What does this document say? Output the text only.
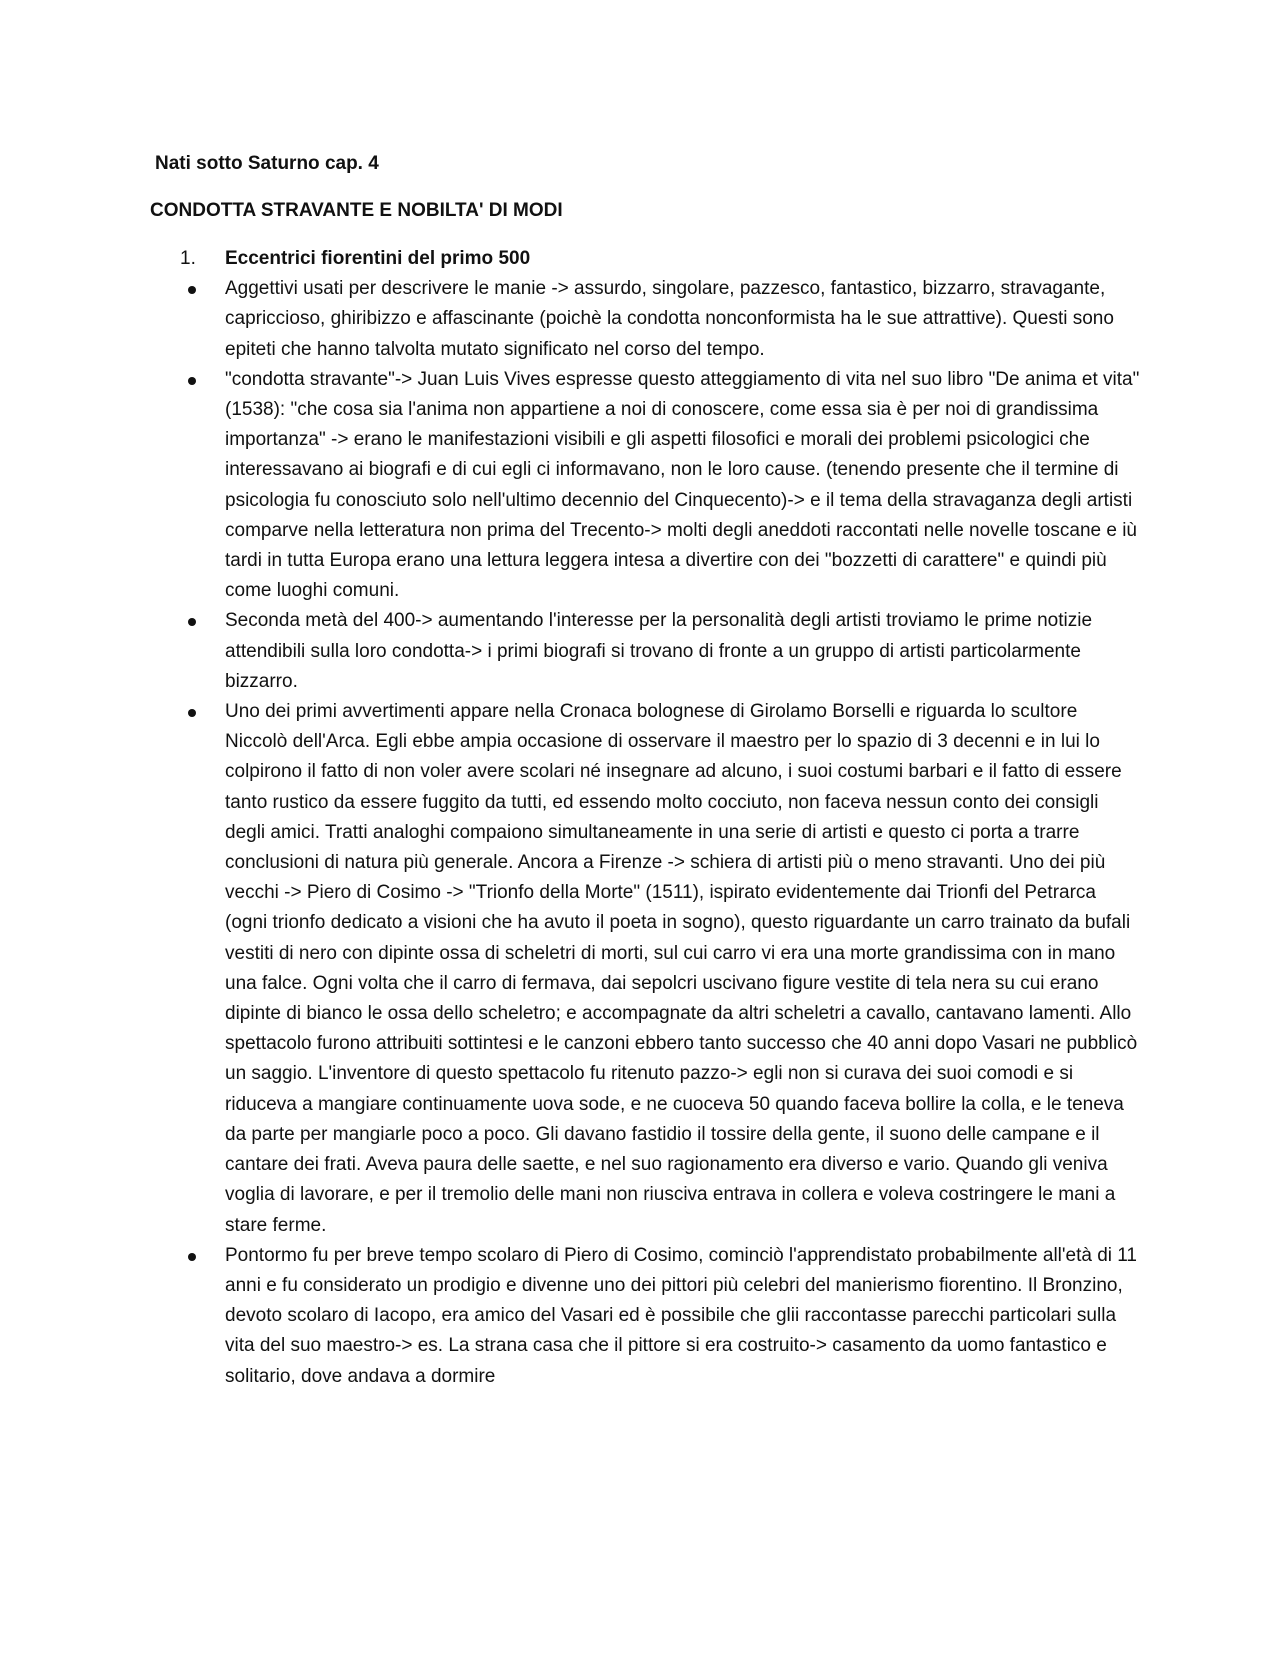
Nati sotto Saturno cap. 4

CONDOTTA STRAVANTE E NOBILTA' DI MODI

1.	Eccentrici fiorentini del primo 500
Aggettivi usati per descrivere le manie -> assurdo, singolare, pazzesco, fantastico, bizzarro, stravagante, capriccioso, ghiribizzo e affascinante (poichè la condotta nonconformista ha le sue attrattive). Questi sono epiteti che hanno talvolta mutato significato nel corso del tempo.
"condotta stravante"-> Juan Luis Vives espresse questo atteggiamento di vita nel suo libro "De anima et vita" (1538): "che cosa sia l'anima non appartiene a noi di conoscere, come essa sia è per noi di grandissima importanza" -> erano le manifestazioni visibili e gli aspetti filosofici e morali dei problemi psicologici che interessavano ai biografi e di cui egli ci informavano, non le loro cause. (tenendo presente che il termine di psicologia fu conosciuto solo nell'ultimo decennio del Cinquecento)-> e il tema della stravaganza degli artisti comparve nella letteratura non prima del Trecento-> molti degli aneddoti raccontati nelle novelle toscane e iù tardi in tutta Europa erano una lettura leggera intesa a divertire con dei "bozzetti di carattere" e quindi più come luoghi comuni.
Seconda metà del 400-> aumentando l'interesse per la personalità degli artisti troviamo le prime notizie attendibili sulla loro condotta-> i primi biografi si trovano di fronte a un gruppo di artisti particolarmente bizzarro.
Uno dei primi avvertimenti appare nella Cronaca bolognese di Girolamo Borselli e riguarda lo scultore Niccolò dell'Arca. Egli ebbe ampia occasione di osservare il maestro per lo spazio di 3 decenni e in lui lo colpirono il fatto di non voler avere scolari né insegnare ad alcuno, i suoi costumi barbari e il fatto di essere tanto rustico da essere fuggito da tutti, ed essendo molto cocciuto, non faceva nessun conto dei consigli degli amici. Tratti analoghi compaiono simultaneamente in una serie di artisti e questo ci porta a trarre conclusioni di natura più generale. Ancora a Firenze -> schiera di artisti più o meno stravanti. Uno dei più vecchi -> Piero di Cosimo -> "Trionfo della Morte" (1511), ispirato evidentemente dai Trionfi del Petrarca (ogni trionfo dedicato a visioni che ha avuto il poeta in sogno), questo riguardante un carro trainato da bufali vestiti di nero con dipinte ossa di scheletri di morti, sul cui carro vi era una morte grandissima con in mano una falce. Ogni volta che il carro di fermava, dai sepolcri uscivano figure vestite di tela nera su cui erano dipinte di bianco le ossa dello scheletro; e accompagnate da altri scheletri a cavallo, cantavano lamenti. Allo spettacolo furono attribuiti sottintesi e le canzoni ebbero tanto successo che 40 anni dopo Vasari ne pubblicò un saggio. L'inventore di questo spettacolo fu ritenuto pazzo-> egli non si curava dei suoi comodi e si riduceva a mangiare continuamente uova sode, e ne cuoceva 50 quando faceva bollire la colla, e le teneva da parte per mangiarle poco a poco. Gli davano fastidio il tossire della gente, il suono delle campane e il cantare dei frati. Aveva paura delle saette, e nel suo ragionamento era diverso e vario. Quando gli veniva voglia di lavorare, e per il tremolio delle mani non riusciva entrava in collera e voleva costringere le mani a stare ferme.
Pontormo fu per breve tempo scolaro di Piero di Cosimo, cominciò l'apprendistato probabilmente all'età di 11 anni e fu considerato un prodigio e divenne uno dei pittori più celebri del manierismo fiorentino. Il Bronzino, devoto scolaro di Iacopo, era amico del Vasari ed è possibile che glii raccontasse parecchi particolari sulla vita del suo maestro-> es. La strana casa che il pittore si era costruito-> casamento da uomo fantastico e solitario, dove andava a dormire
